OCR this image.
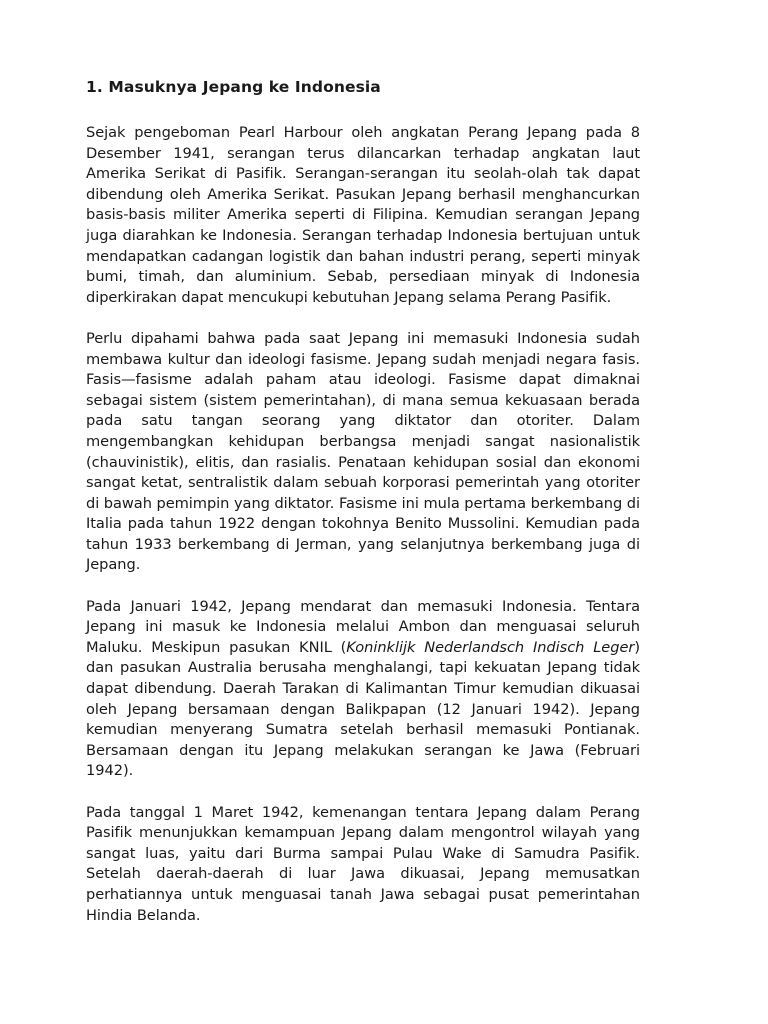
1. Masuknya Jepang ke Indonesia

Sejak pengeboman Pearl Harbour oleh angkatan Perang Jepang pada 8 Desember 1941, serangan terus dilancarkan terhadap angkatan laut Amerika Serikat di Pasifik. Serangan-serangan itu seolah-olah tak dapat dibendung oleh Amerika Serikat. Pasukan Jepang berhasil menghancurkan basis-basis militer Amerika seperti di Filipina. Kemudian serangan Jepang juga diarahkan ke Indonesia. Serangan terhadap Indonesia bertujuan untuk mendapatkan cadangan logistik dan bahan industri perang, seperti minyak bumi, timah, dan aluminium. Sebab, persediaan minyak di Indonesia diperkirakan dapat mencukupi kebutuhan Jepang selama Perang Pasifik.

Perlu dipahami bahwa pada saat Jepang ini memasuki Indonesia sudah membawa kultur dan ideologi fasisme. Jepang sudah menjadi negara fasis. Fasis—fasisme adalah paham atau ideologi. Fasisme dapat dimaknai sebagai sistem (sistem pemerintahan), di mana semua kekuasaan berada pada satu tangan seorang yang diktator dan otoriter. Dalam mengembangkan kehidupan berbangsa menjadi sangat nasionalistik (chauvinistik), elitis, dan rasialis. Penataan kehidupan sosial dan ekonomi sangat ketat, sentralistik dalam sebuah korporasi pemerintah yang otoriter di bawah pemimpin yang diktator. Fasisme ini mula pertama berkembang di Italia pada tahun 1922 dengan tokohnya Benito Mussolini. Kemudian pada tahun 1933 berkembang di Jerman, yang selanjutnya berkembang juga di Jepang.

Pada Januari 1942, Jepang mendarat dan memasuki Indonesia. Tentara Jepang ini masuk ke Indonesia melalui Ambon dan menguasai seluruh Maluku. Meskipun pasukan KNIL (Koninklijk Nederlandsch Indisch Leger) dan pasukan Australia berusaha menghalangi, tapi kekuatan Jepang tidak dapat dibendung. Daerah Tarakan di Kalimantan Timur kemudian dikuasai oleh Jepang bersamaan dengan Balikpapan (12 Januari 1942). Jepang kemudian menyerang Sumatra setelah berhasil memasuki Pontianak. Bersamaan dengan itu Jepang melakukan serangan ke Jawa (Februari 1942).

Pada tanggal 1 Maret 1942, kemenangan tentara Jepang dalam Perang Pasifik menunjukkan kemampuan Jepang dalam mengontrol wilayah yang sangat luas, yaitu dari Burma sampai Pulau Wake di Samudra Pasifik. Setelah daerah-daerah di luar Jawa dikuasai, Jepang memusatkan perhatiannya untuk menguasai tanah Jawa sebagai pusat pemerintahan Hindia Belanda.
